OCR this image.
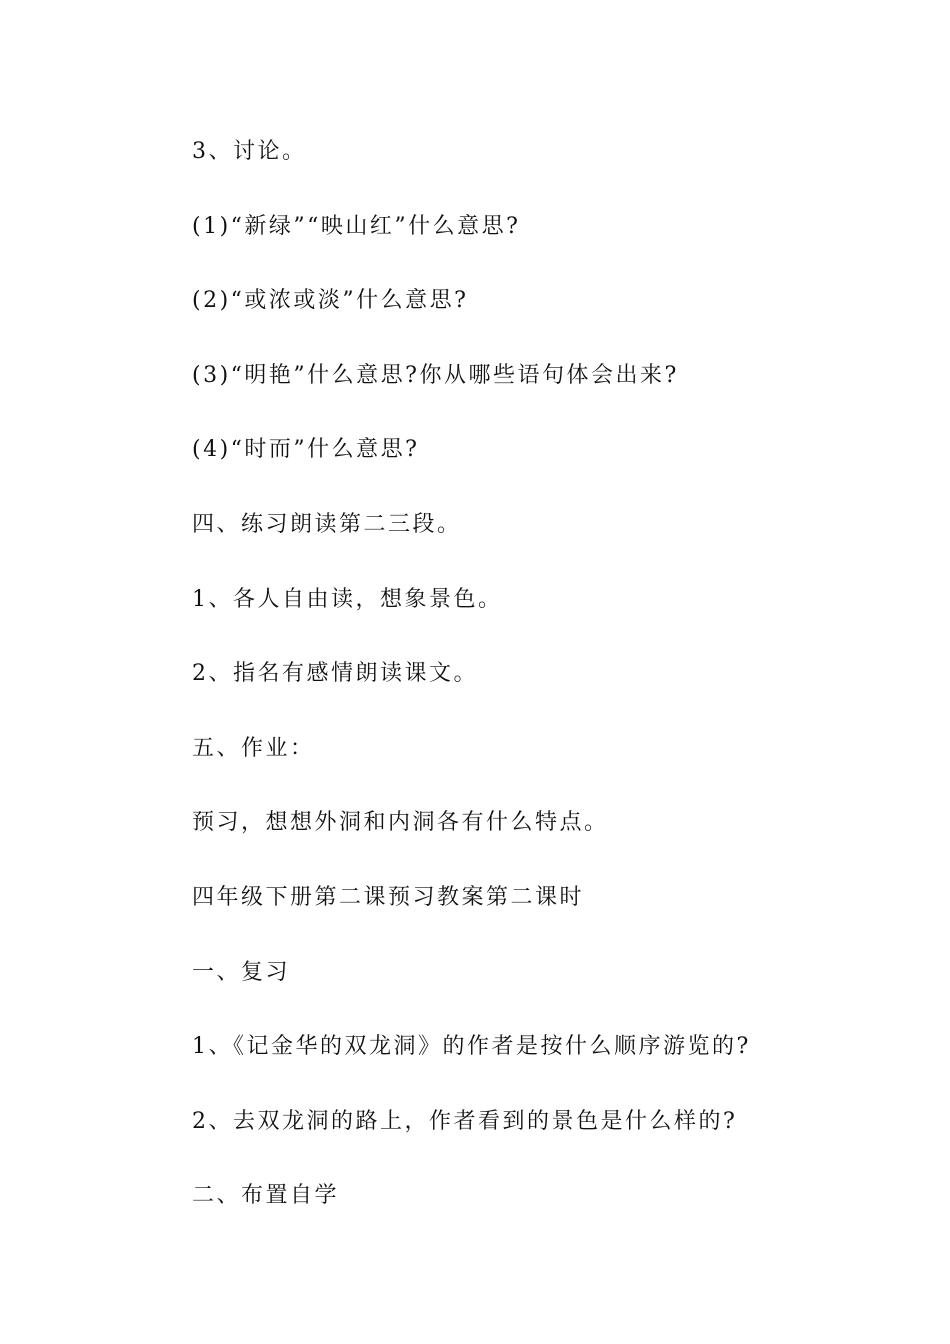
3、讨论。
(1)“新绿”“映山红”什么意思?
(2)“或浓或淡”什么意思?
(3)“明艳”什么意思?你从哪些语句体会出来?
(4)“时而”什么意思?
四、练习朗读第二三段。
1、各人自由读，想象景色。
2、指名有感情朗读课文。
五、作业：
预习，想想外洞和内洞各有什么特点。
四年级下册第二课预习教案第二课时
一、复习
1、《记金华的双龙洞》的作者是按什么顺序游览的?
2、去双龙洞的路上，作者看到的景色是什么样的?
二、布置自学
